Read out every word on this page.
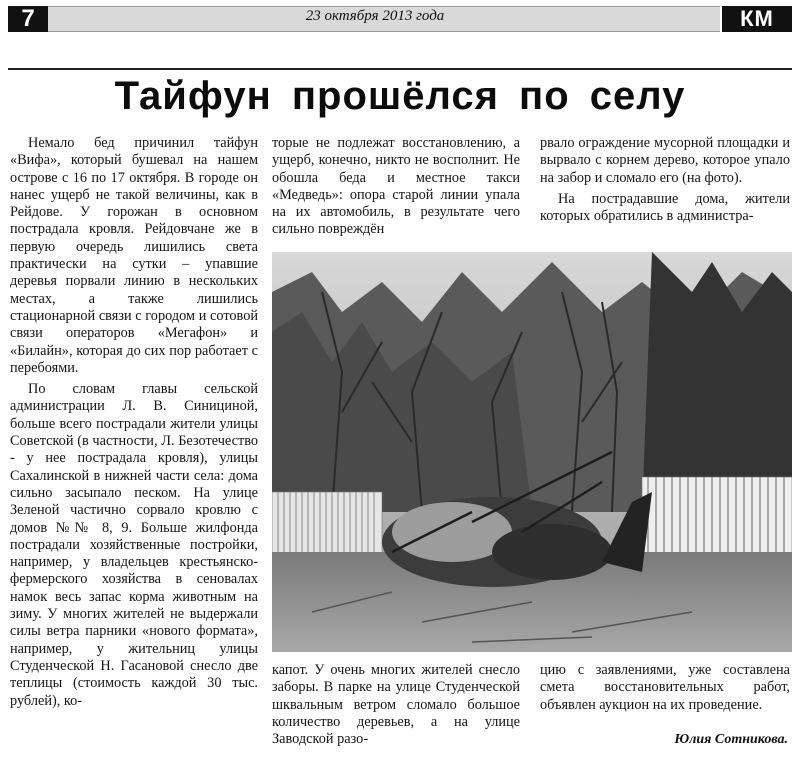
7	23 октября 2013 года	КМ
Тайфун прошёлся по селу

Немало бед причинил тайфун «Вифа», который бушевал на нашем острове с 16 по 17 октября. В городе он нанес ущерб не такой величины, как в Рейдове. У горожан в основном пострадала кровля. Рейдовчане же в первую очередь лишились света практически на сутки – упавшие деревья порвали линию в нескольких местах, а также лишились стационарной связи с городом и сотовой связи операторов «Мегафон» и «Билайн», которая до сих пор работает с перебоями.

По словам главы сельской администрации Л. В. Синициной, больше всего пострадали жители улицы Советской (в частности, Л. Безотечество - у нее пострадала кровля), улицы Сахалинской в нижней части села: дома сильно засыпало песком. На улице Зеленой частично сорвало кровлю с домов №№ 8, 9. Больше жилфонда пострадали хозяйственные постройки, например, у владельцев крестьянско-фермерского хозяйства в сеновалах намок весь запас корма животным на зиму. У многих жителей не выдержали силы ветра парники «нового формата», например, у жительниц улицы Студенческой Н. Гасановой снесло две теплицы (стоимость каждой 30 тыс. рублей), ко-

торые не подлежат восстановлению, а ущерб, конечно, никто не восполнит. Не обошла беда и местное такси «Медведь»: опора старой линии упала на их автомобиль, в результате чего сильно повреждён

рвало ограждение мусорной площадки и вырвало с корнем дерево, которое упало на забор и сломало его (на фото).

На пострадавшие дома, жители которых обратились в администра-

капот. У очень многих жителей снесло заборы. В парке на улице Студенческой шквальным ветром сломало большое количество деревьев, а на улице Заводской разо-

цию с заявлениями, уже составлена смета восстановительных работ, объявлен аукцион на их проведение.

Юлия Сотникова.
